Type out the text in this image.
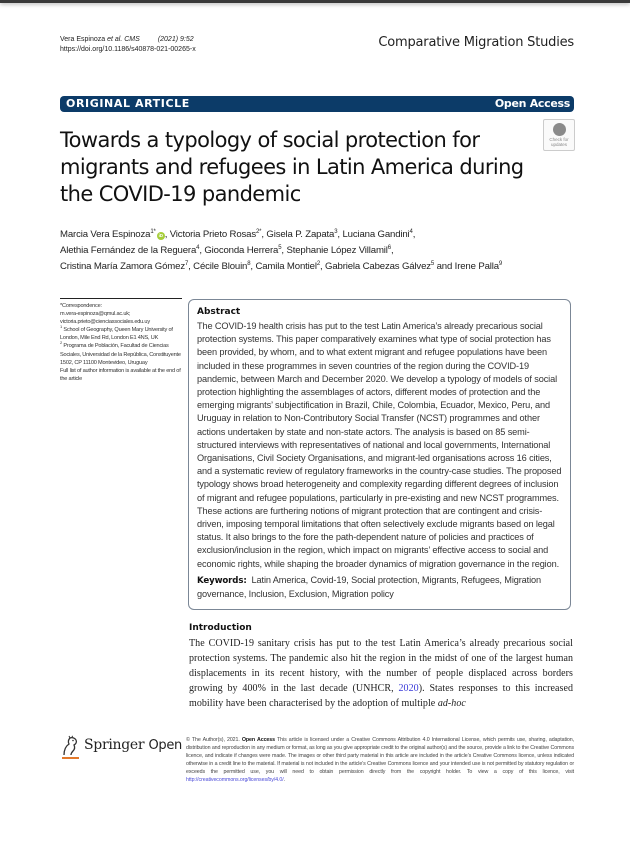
Vera Espinoza et al. CMS	(2021) 9:52
https://doi.org/10.1186/s40878-021-00265-x	Comparative Migration Studies
ORIGINAL ARTICLE	Open Access
Towards a typology of social protection for migrants and refugees in Latin America during the COVID-19 pandemic
Check for
updates
Marcia Vera Espinoza$^{1*}$iD , Victoria Prieto Rosas$^{2*}$, Gisela P. Zapata$^3$, Luciana Gandini$^4$,
Alethia Fernández de la Reguera$^4$, Gioconda Herrera$^5$, Stephanie López Villamil$^6$,
Cristina María Zamora Gómez$^7$, Cécile Blouin$^8$, Camila Montiel$^2$, Gabriela Cabezas Gálvez$^5$ and Irene Palla$^9$
*Correspondence:
m.vera-espinoza@qmul.ac.uk; victoria.prieto@cienciassociales.edu.uy
$^1$ School of Geography, Queen Mary University of London, Mile End Rd, London E1 4NS, UK
$^2$ Programa de Población, Facultad de Ciencias Sociales, Universidad de la República, Constituyente 1502, CP 11100 Montevideo, Uruguay
Full list of author information is available at the end of the article
Abstract
The COVID-19 health crisis has put to the test Latin America’s already precarious social protection systems. This paper comparatively examines what type of social protection has been provided, by whom, and to what extent migrant and refugee populations have been included in these programmes in seven countries of the region during the COVID-19 pandemic, between March and December 2020. We develop a typology of models of social protection highlighting the assemblages of actors, different modes of protection and the emerging migrants’ subjectification in Brazil, Chile, Colombia, Ecuador, Mexico, Peru, and Uruguay in relation to Non-Contributory Social Transfer (NCST) programmes and other actions undertaken by state and non-state actors. The analysis is based on 85 semi-structured interviews with representatives of national and local governments, International Organisations, Civil Society Organisations, and migrant-led organisations across 16 cities, and a systematic review of regulatory frameworks in the country-case studies. The proposed typology shows broad heterogeneity and complexity regarding different degrees of inclusion of migrant and refugee populations, particularly in pre-existing and new NCST programmes. These actions are furthering notions of migrant protection that are contingent and crisis-driven, imposing temporal limitations that often selectively exclude migrants based on legal status. It also brings to the fore the path-dependent nature of policies and practices of exclusion/inclusion in the region, which impact on migrants’ effective access to social and economic rights, while shaping the broader dynamics of migration governance in the region.
Keywords: Latin America, Covid-19, Social protection, Migrants, Refugees, Migration governance, Inclusion, Exclusion, Migration policy
Introduction

The COVID-19 sanitary crisis has put to the test Latin America’s already precarious social protection systems. The pandemic also hit the region in the midst of one of the largest human displacements in its recent history, with the number of people displaced across borders growing by 400% in the last decade (UNHCR, 2020). States responses to this increased mobility have been characterised by the adoption of multiple ad-hoc

Springer Open © The Author(s), 2021. Open Access This article is licensed under a Creative Commons Attribution 4.0 International License, which permits use, sharing, adaptation, distribution and reproduction in any medium or format, as long as you give appropriate credit to the original author(s) and the source, provide a link to the Creative Commons licence, and indicate if changes were made. The images or other third party material in this article are included in the article’s Creative Commons licence, unless indicated otherwise in a credit line to the material. If material is not included in the article’s Creative Commons licence and your intended use is not permitted by statutory regulation or exceeds the permitted use, you will need to obtain permission directly from the copyright holder. To view a copy of this licence, visit http://creativecommons.org/licenses/by/4.0/.
